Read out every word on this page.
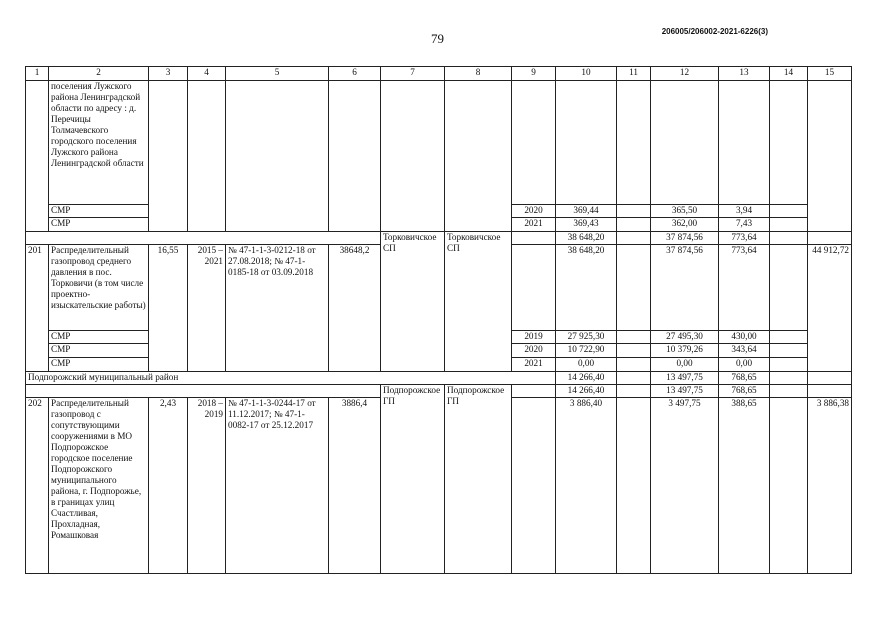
79	206005/206002-2021-6226(3)
1	2	3	4	5	6	7	8	9	10	11	12	13	14	15
	поселения Лужского района Ленинградской области по адресу : д. Перечицы Толмачевского городского поселения Лужского района Ленинградской области													
	СМР							2020	369,44		365,50	3,94		
	СМР							2021	369,43		362,00	7,43		
						Торковичское СП	Торковичское СП		38 648,20		37 874,56	773,64		
201	Распределительный газопровод среднего давления в пос. Торковичи (в том числе проектно-изыскательские работы)	16,55	2015 – 2021	№ 47-1-1-3-0212-18 от 27.08.2018; № 47-1-0185-18 от 03.09.2018	38648,2				38 648,20		37 874,56	773,64		44 912,72
	СМР							2019	27 925,30		27 495,30	430,00		
	СМР							2020	10 722,90		10 379,26	343,64		
	СМР							2021	0,00		0,00	0,00		
Подпорожский муниципальный район									14 266,40		13 497,75	768,65		
						Подпорожское ГП	Подпорожское ГП		14 266,40		13 497,75	768,65		
202	Распределительный газопровод с сопутствующими сооружениями в МО Подпорожское городское поселение Подпорожского муниципального района, г. Подпорожье, в границах улиц Счастливая, Прохладная, Ромашковая	2,43	2018 – 2019	№ 47-1-1-3-0244-17 от 11.12.2017; № 47-1-0082-17 от 25.12.2017	3886,4				3 886,40		3 497,75	388,65		3 886,38
